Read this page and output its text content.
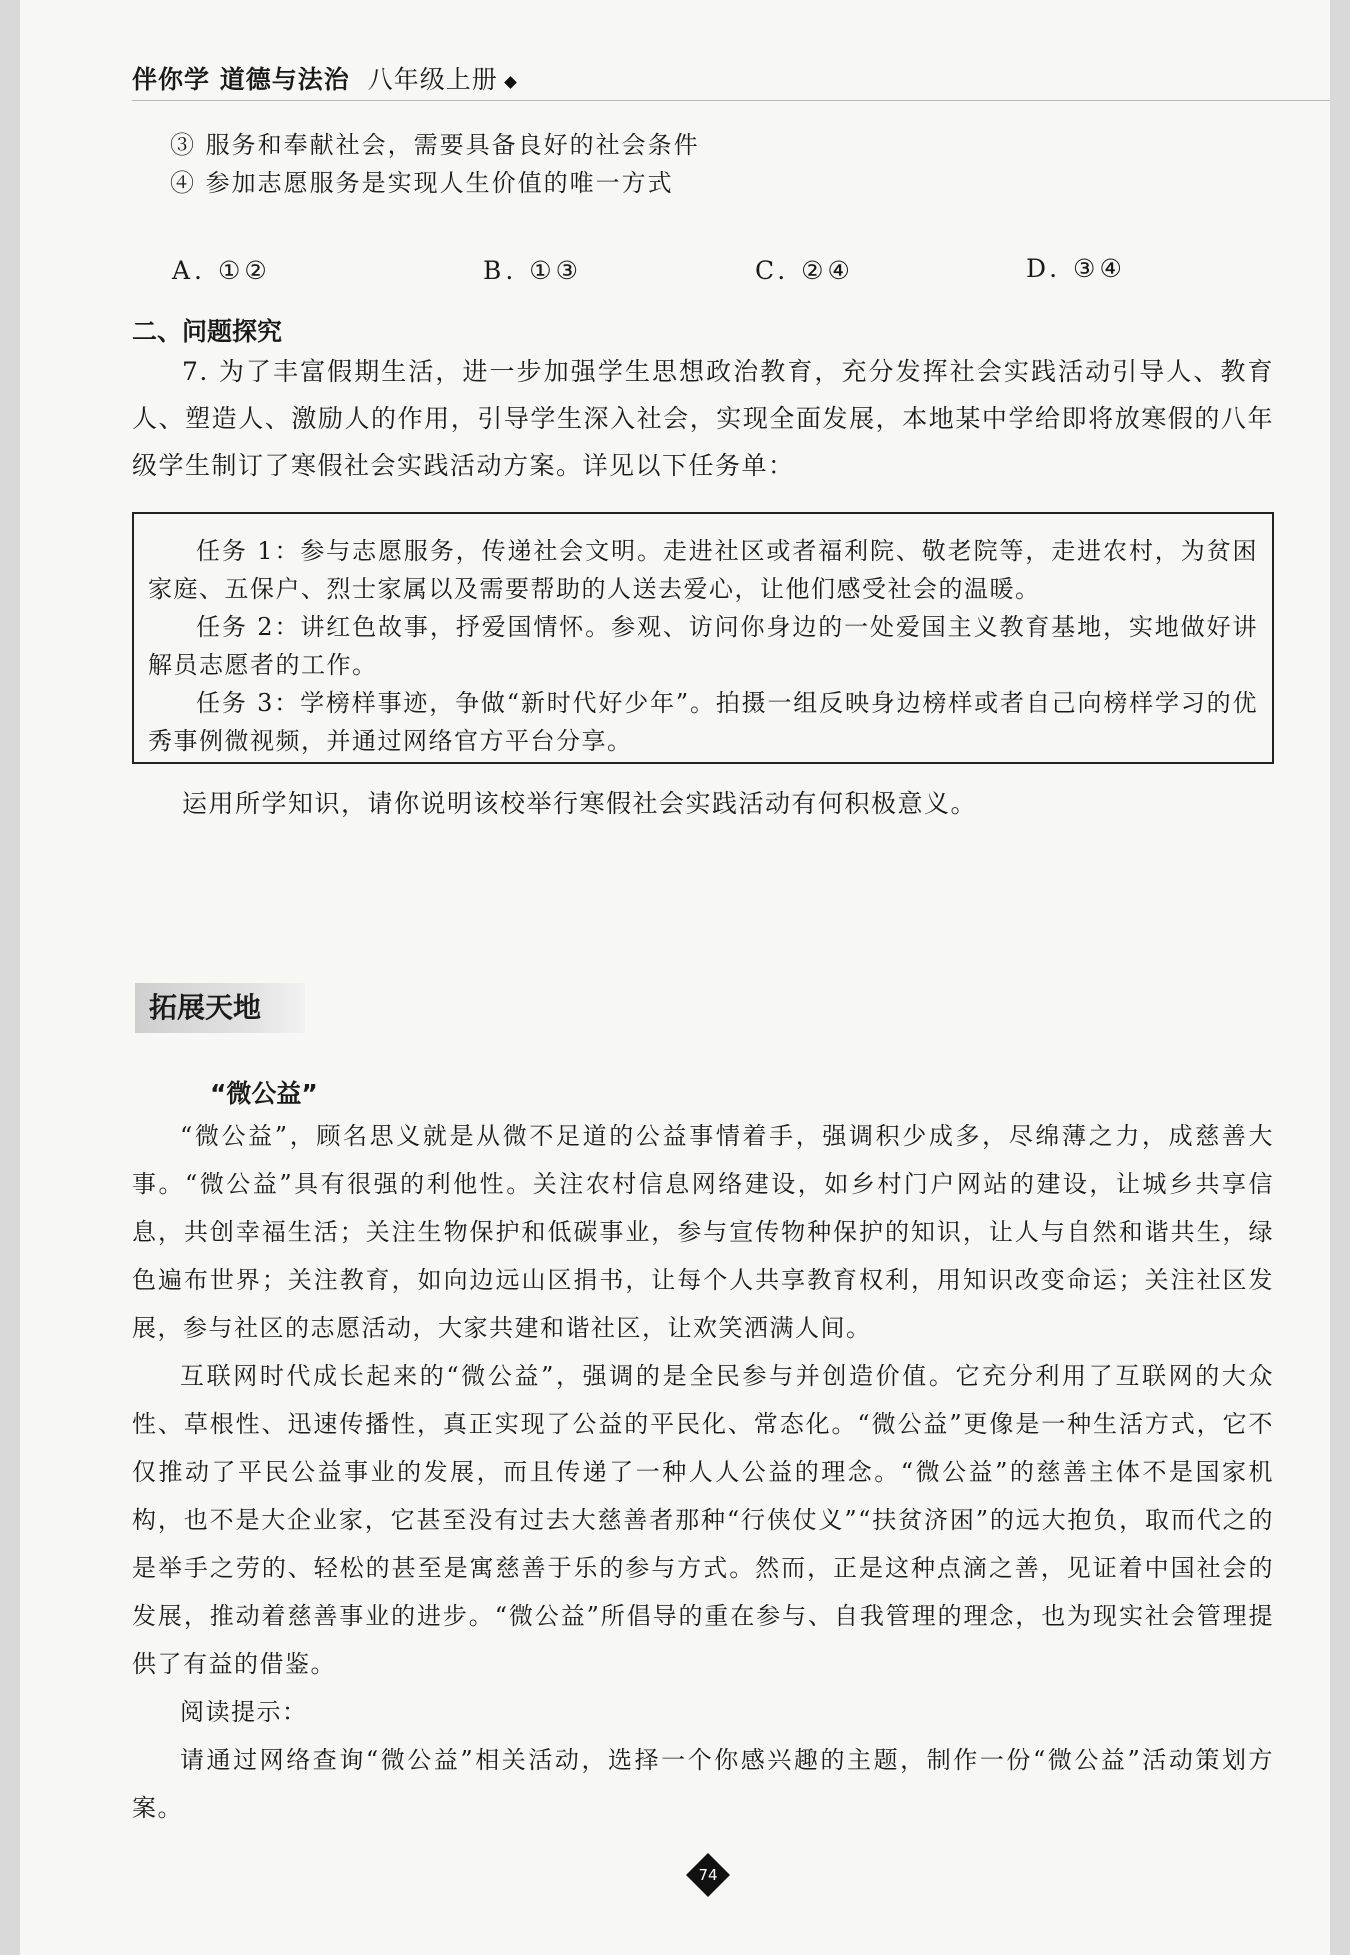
伴你学 道德与法治 八年级上册
③ 服务和奉献社会，需要具备良好的社会条件
④ 参加志愿服务是实现人生价值的唯一方式
A. ①②	B. ①③	C. ②④	D. ③④
二、问题探究
7. 为了丰富假期生活，进一步加强学生思想政治教育，充分发挥社会实践活动引导人、教育人、塑造人、激励人的作用，引导学生深入社会，实现全面发展，本地某中学给即将放寒假的八年级学生制订了寒假社会实践活动方案。详见以下任务单：

任务 1：参与志愿服务，传递社会文明。走进社区或者福利院、敬老院等，走进农村，为贫困家庭、五保户、烈士家属以及需要帮助的人送去爱心，让他们感受社会的温暖。

任务 2：讲红色故事，抒爱国情怀。参观、访问你身边的一处爱国主义教育基地，实地做好讲解员志愿者的工作。

任务 3：学榜样事迹，争做“新时代好少年”。拍摄一组反映身边榜样或者自己向榜样学习的优秀事例微视频，并通过网络官方平台分享。

运用所学知识，请你说明该校举行寒假社会实践活动有何积极意义。
拓展天地
“微公益”

“微公益”，顾名思义就是从微不足道的公益事情着手，强调积少成多，尽绵薄之力，成慈善大事。“微公益”具有很强的利他性。关注农村信息网络建设，如乡村门户网站的建设，让城乡共享信息，共创幸福生活；关注生物保护和低碳事业，参与宣传物种保护的知识，让人与自然和谐共生，绿色遍布世界；关注教育，如向边远山区捐书，让每个人共享教育权利，用知识改变命运；关注社区发展，参与社区的志愿活动，大家共建和谐社区，让欢笑洒满人间。

互联网时代成长起来的“微公益”，强调的是全民参与并创造价值。它充分利用了互联网的大众性、草根性、迅速传播性，真正实现了公益的平民化、常态化。“微公益”更像是一种生活方式，它不仅推动了平民公益事业的发展，而且传递了一种人人公益的理念。“微公益”的慈善主体不是国家机构，也不是大企业家，它甚至没有过去大慈善者那种“行侠仗义”“扶贫济困”的远大抱负，取而代之的是举手之劳的、轻松的甚至是寓慈善于乐的参与方式。然而，正是这种点滴之善，见证着中国社会的发展，推动着慈善事业的进步。“微公益”所倡导的重在参与、自我管理的理念，也为现实社会管理提供了有益的借鉴。

阅读提示：

请通过网络查询“微公益”相关活动，选择一个你感兴趣的主题，制作一份“微公益”活动策划方案。

74
